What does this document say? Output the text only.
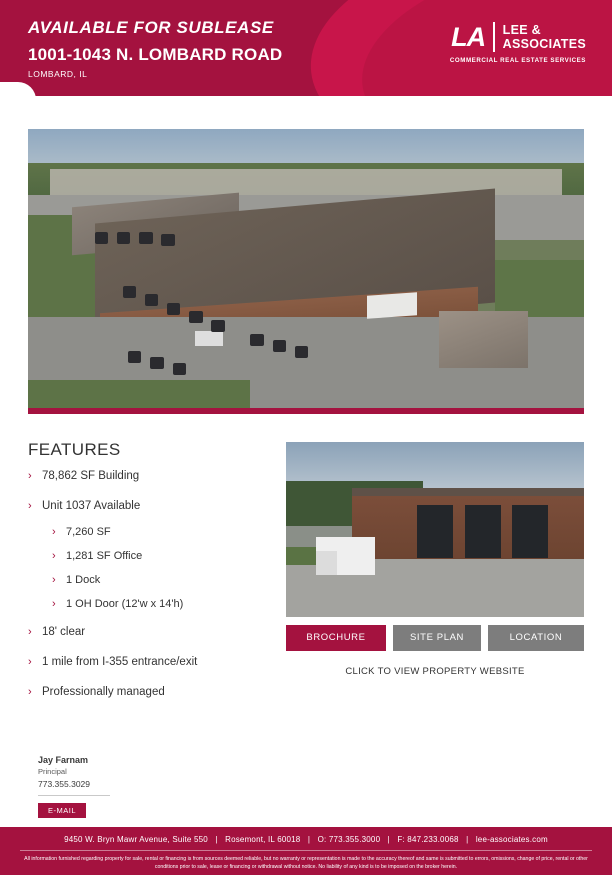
AVAILABLE FOR SUBLEASE
1001-1043 N. LOMBARD ROAD
LOMBARD, IL
LA LEE &
ASSOCIATES
COMMERCIAL REAL ESTATE SERVICES
FEATURES
› 78,862 SF Building
› Unit 1037 Available
› 7,260 SF
› 1,281 SF Office
› 1 Dock
› 1 OH Door (12'w x 14'h)
› 18' clear
› 1 mile from I-355 entrance/exit
› Professionally managed
BROCHURE	SITE PLAN	LOCATION
CLICK TO VIEW PROPERTY WEBSITE
Jay Farnam
Principal
773.355.3029
E-MAIL
9450 W. Bryn Mawr Avenue, Suite 550 | Rosemont, IL 60018 | O: 773.355.3000 | F: 847.233.0068 | lee-associates.com
All information furnished regarding property for sale, rental or financing is from sources deemed reliable, but no warranty or representation is made to the accuracy thereof and same is submitted to errors, omissions, change of price, rental or other conditions prior to sale, lease or financing or withdrawal without notice. No liability of any kind is to be imposed on the broker herein.
